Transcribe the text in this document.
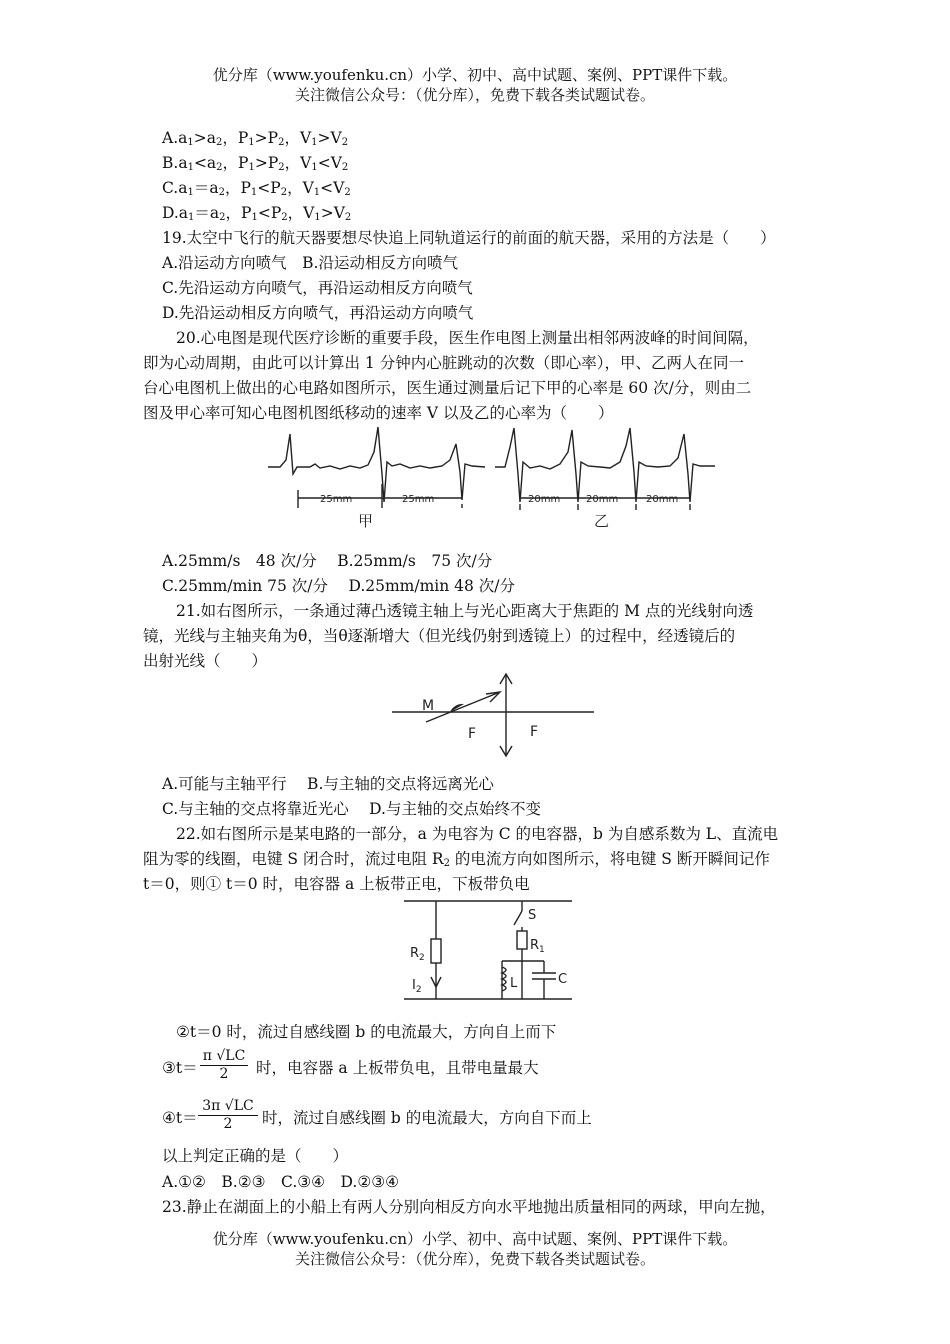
优分库（www.youfenku.cn）小学、初中、高中试题、案例、PPT课件下载。
关注微信公众号：（优分库），免费下载各类试题试卷。
$A.a_1>a_2$，$P_1>P_2$，$V_1>V_2$
$B.a_1<a_2$，$P_1>P_2$，$V_1<V_2$
$C.a_1=a_2$，$P_1<P_2$，$V_1<V_2$
$D.a_1=a_2$，$P_1<P_2$，$V_1>V_2$
19.太空中飞行的航天器要想尽快追上同轨道运行的前面的航天器，采用的方法是（　　）
A.沿运动方向喷气　B.沿运动相反方向喷气
C.先沿运动方向喷气，再沿运动相反方向喷气
D.先沿运动相反方向喷气，再沿运动方向喷气
20.心电图是现代医疗诊断的重要手段，医生作电图上测量出相邻两波峰的时间间隔，
即为心动周期，由此可以计算出 1 分钟内心脏跳动的次数（即心率），甲、乙两人在同一
台心电图机上做出的心电路如图所示，医生通过测量后记下甲的心率是 60 次/分，则由二
图及甲心率可知心电图机图纸移动的速率 V 以及乙的心率为（　　）
25mm	25mm	20mm	20mm	20mm
甲	乙
A.25mm/s　48 次/分　 B.25mm/s　75 次/分
C.25mm/min 75 次/分　 D.25mm/min 48 次/分
21.如右图所示，一条通过薄凸透镜主轴上与光心距离大于焦距的 M 点的光线射向透
镜，光线与主轴夹角为θ，当θ逐渐增大（但光线仍射到透镜上）的过程中，经透镜后的
出射光线（　　）
M
F	F
A.可能与主轴平行　 B.与主轴的交点将远离光心
C.与主轴的交点将靠近光心　 D.与主轴的交点始终不变
22.如右图所示是某电路的一部分，a 为电容为 C 的电容器，b 为自感系数为 L、直流电
阻为零的线圈，电键 S 闭合时，流过电阻 $R_2$ 的电流方向如图所示，将电键 S 断开瞬间记作
t＝0，则① t＝0 时，电容器 a 上板带正电，下板带负电
$R_2$
$I_2$
S
$R_1$
L	C
②t＝0 时，流过自感线圈 b 的电流最大，方向自上而下
③t＝ $\frac{\pi √LC}{2}$ 时，电容器 a 上板带负电，且带电量最大
④t＝ $\frac{3\pi √LC}{2}$ 时，流过自感线圈 b 的电流最大，方向自下而上
以上判定正确的是（　　）
A.①②　B.②③　C.③④　D.②③④
23.静止在湖面上的小船上有两人分别向相反方向水平地抛出质量相同的两球，甲向左抛，
优分库（www.youfenku.cn）小学、初中、高中试题、案例、PPT课件下载。
关注微信公众号：（优分库），免费下载各类试题试卷。
